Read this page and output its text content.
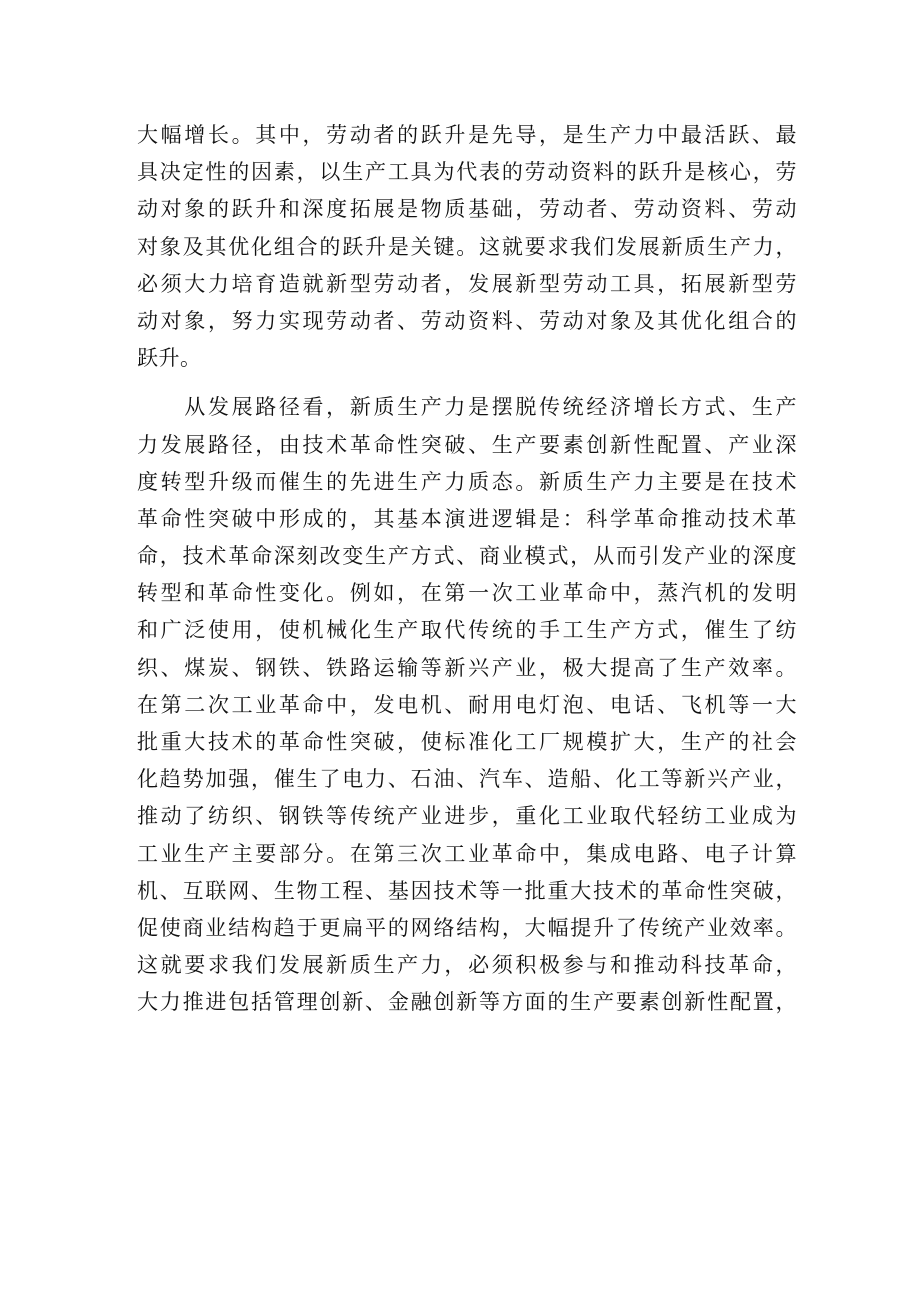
大幅增长。其中，劳动者的跃升是先导，是生产力中最活跃、最
具决定性的因素，以生产工具为代表的劳动资料的跃升是核心，劳
动对象的跃升和深度拓展是物质基础，劳动者、劳动资料、劳动
对象及其优化组合的跃升是关键。这就要求我们发展新质生产力，
必须大力培育造就新型劳动者，发展新型劳动工具，拓展新型劳
动对象，努力实现劳动者、劳动资料、劳动对象及其优化组合的
跃升。
　　从发展路径看，新质生产力是摆脱传统经济增长方式、生产
力发展路径，由技术革命性突破、生产要素创新性配置、产业深
度转型升级而催生的先进生产力质态。新质生产力主要是在技术
革命性突破中形成的，其基本演进逻辑是：科学革命推动技术革
命，技术革命深刻改变生产方式、商业模式，从而引发产业的深度
转型和革命性变化。例如，在第一次工业革命中，蒸汽机的发明
和广泛使用，使机械化生产取代传统的手工生产方式，催生了纺
织、煤炭、钢铁、铁路运输等新兴产业，极大提高了生产效率。
在第二次工业革命中，发电机、耐用电灯泡、电话、飞机等一大
批重大技术的革命性突破，使标准化工厂规模扩大，生产的社会
化趋势加强，催生了电力、石油、汽车、造船、化工等新兴产业，
推动了纺织、钢铁等传统产业进步，重化工业取代轻纺工业成为
工业生产主要部分。在第三次工业革命中，集成电路、电子计算
机、互联网、生物工程、基因技术等一批重大技术的革命性突破，
促使商业结构趋于更扁平的网络结构，大幅提升了传统产业效率。
这就要求我们发展新质生产力，必须积极参与和推动科技革命，
大力推进包括管理创新、金融创新等方面的生产要素创新性配置，
